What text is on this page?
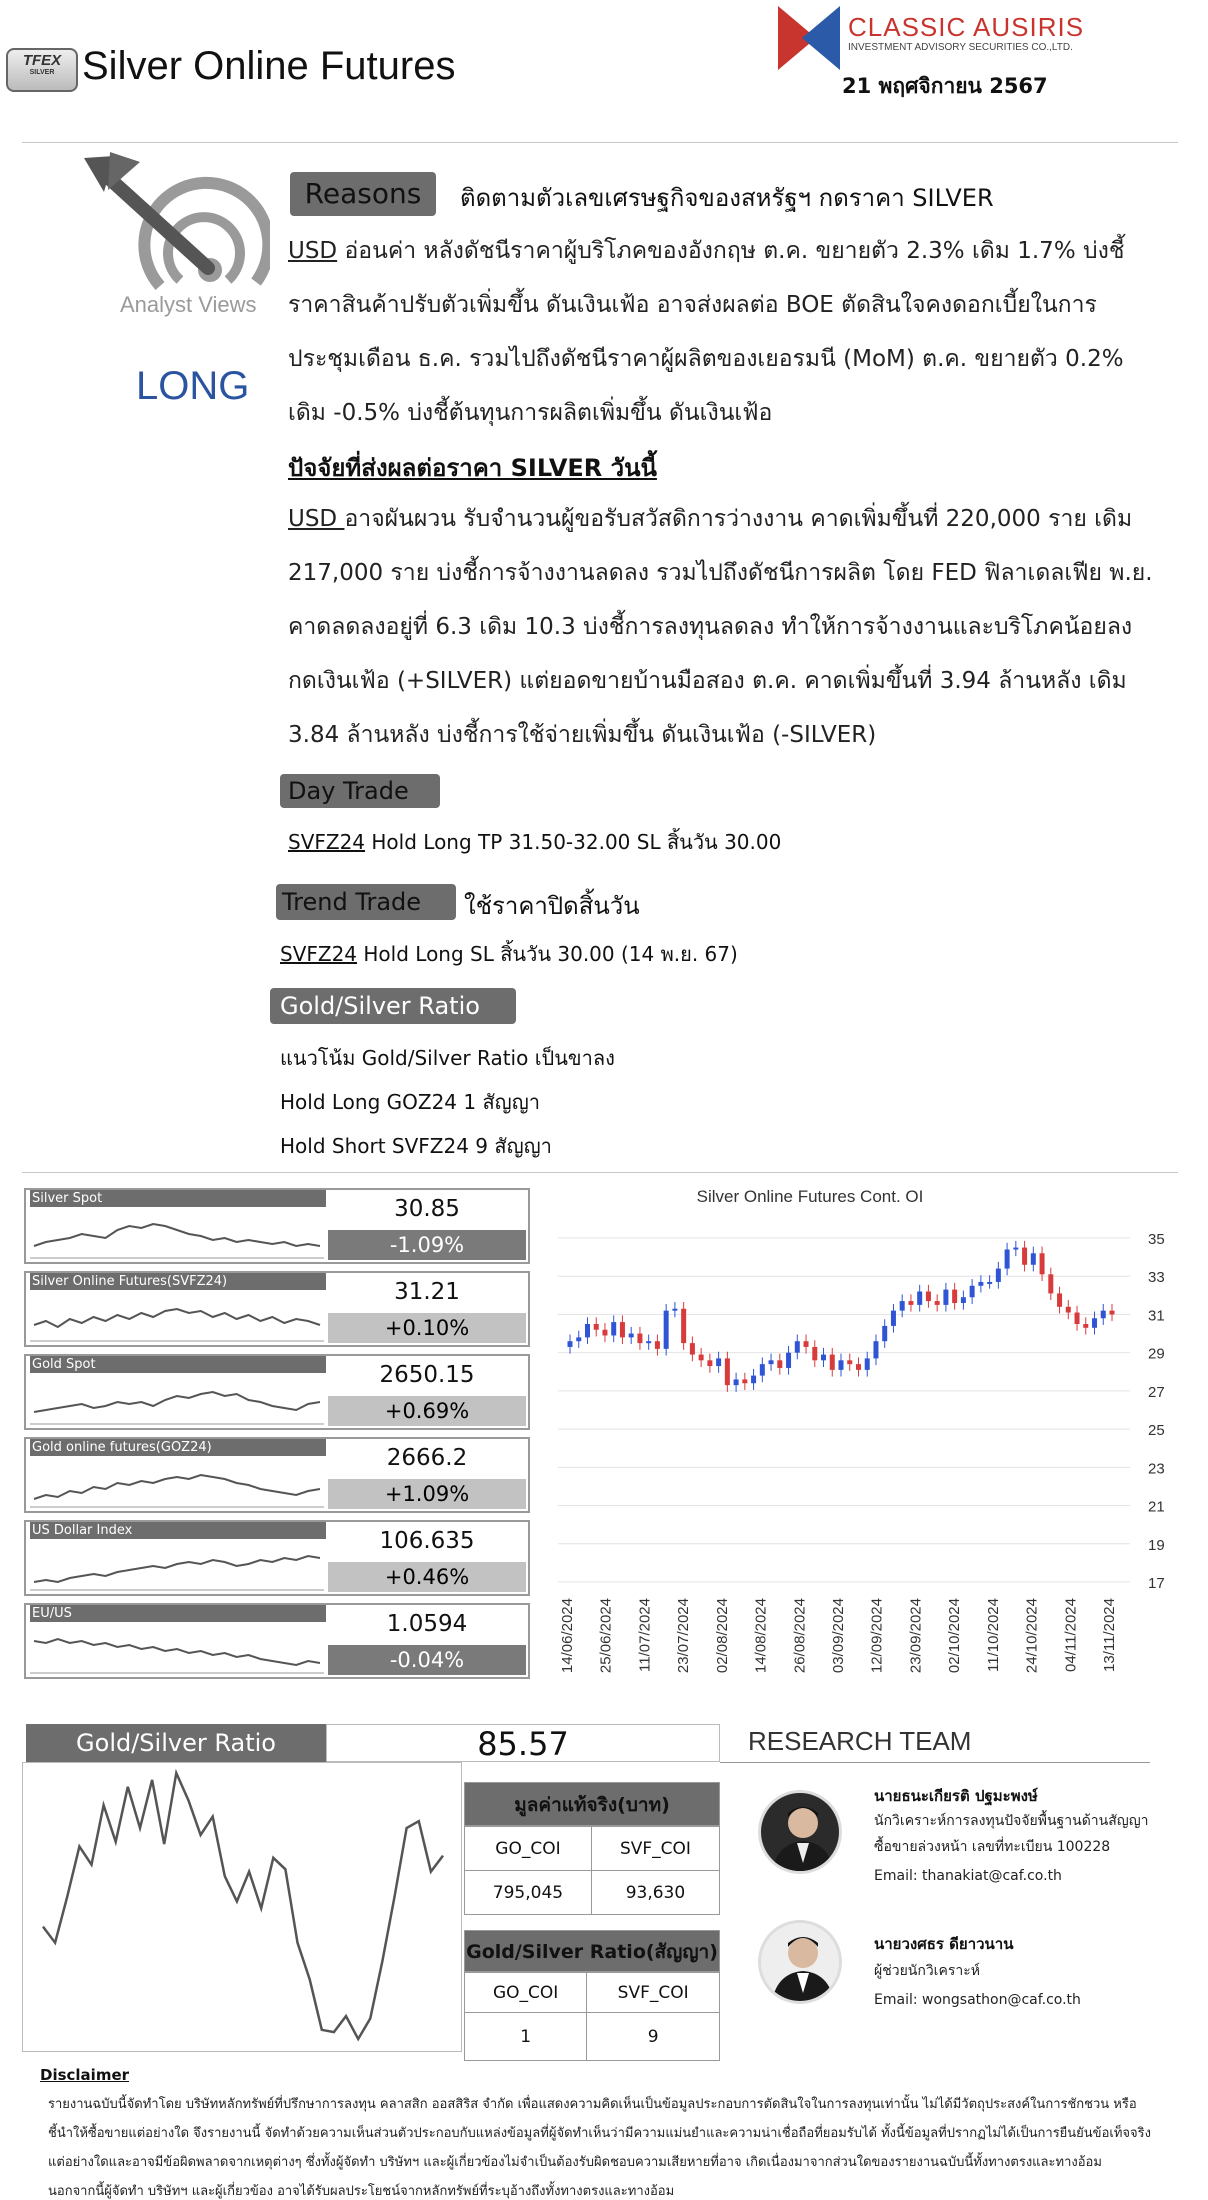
TFEX
SILVER Silver Online Futures
CLASSIC AUSIRIS
INVESTMENT ADVISORY SECURITIES CO.,LTD.
21 พฤศจิกายน 2567
Analyst Views
LONG
Reasons	ติดตามตัวเลขเศรษฐกิจของสหรัฐฯ กดราคา SILVER
USD อ่อนค่า หลังดัชนีราคาผู้บริโภคของอังกฤษ ต.ค. ขยายตัว 2.3% เดิม 1.7% บ่งชี้
ราคาสินค้าปรับตัวเพิ่มขึ้น ดันเงินเฟ้อ อาจส่งผลต่อ BOE ตัดสินใจคงดอกเบี้ยในการ
ประชุมเดือน ธ.ค. รวมไปถึงดัชนีราคาผู้ผลิตของเยอรมนี (MoM) ต.ค. ขยายตัว 0.2%
เดิม -0.5% บ่งชี้ต้นทุนการผลิตเพิ่มขึ้น ดันเงินเฟ้อ
ปัจจัยที่ส่งผลต่อราคา SILVER วันนี้
USD อาจผันผวน รับจำนวนผู้ขอรับสวัสดิการว่างงาน คาดเพิ่มขึ้นที่ 220,000 ราย เดิม
217,000 ราย บ่งชี้การจ้างงานลดลง รวมไปถึงดัชนีการผลิต โดย FED ฟิลาเดลเฟีย พ.ย.
คาดลดลงอยู่ที่ 6.3 เดิม 10.3 บ่งชี้การลงทุนลดลง ทำให้การจ้างงานและบริโภคน้อยลง
กดเงินเฟ้อ (+SILVER) แต่ยอดขายบ้านมือสอง ต.ค. คาดเพิ่มขึ้นที่ 3.94 ล้านหลัง เดิม
3.84 ล้านหลัง บ่งชี้การใช้จ่ายเพิ่มขึ้น ดันเงินเฟ้อ (-SILVER)
Day Trade
SVFZ24 Hold Long TP 31.50-32.00 SL สิ้นวัน 30.00
Trend Trade	ใช้ราคาปิดสิ้นวัน
SVFZ24 Hold Long SL สิ้นวัน 30.00 (14 พ.ย. 67)
Gold/Silver Ratio
แนวโน้ม Gold/Silver Ratio เป็นขาลง
Hold Long GOZ24 1 สัญญา
Hold Short SVFZ24 9 สัญญา
Silver Spot	30.85
-1.09%
Silver Online Futures(SVFZ24)	31.21
+0.10%
Gold Spot	2650.15
+0.69%
Gold online futures(GOZ24)	2666.2
+1.09%
US Dollar Index	106.635
+0.46%
EU/US	1.0594
-0.04%
Silver Online Futures Cont. OI
35
33
31
29
27
25
23
21
19
17
14/06/2024 25/06/2024 11/07/2024 23/07/2024 02/08/2024 14/08/2024 26/08/2024 03/09/2024 12/09/2024 23/09/2024 02/10/2024 11/10/2024 24/10/2024 04/11/2024 13/11/2024
Gold/Silver Ratio	85.57	RESEARCH TEAM
มูลค่าแท้จริง(บาท)
GO_COI	SVF_COI
795,045	93,630
Gold/Silver Ratio(สัญญา)
GO_COI	SVF_COI
1	9
นายธนะเกียรติ ปฐมะพงษ์
นักวิเคราะห์การลงทุนปัจจัยพื้นฐานด้านสัญญา
ซื้อขายล่วงหน้า เลขที่ทะเบียน 100228
Email: thanakiat@caf.co.th
นายวงศธร ดียาวนาน
ผู้ช่วยนักวิเคราะห์
Email: wongsathon@caf.co.th
Disclaimer
รายงานฉบับนี้จัดทำโดย บริษัทหลักทรัพย์ที่ปรึกษาการลงทุน คลาสสิก ออสสิริส จำกัด เพื่อแสดงความคิดเห็นเป็นข้อมูลประกอบการตัดสินใจในการลงทุนเท่านั้น ไม่ได้มีวัตถุประสงค์ในการชักชวน หรือ
ชี้นำให้ซื้อขายแต่อย่างใด จึงรายงานนี้ จัดทำด้วยความเห็นส่วนตัวประกอบกับแหล่งข้อมูลที่ผู้จัดทำเห็นว่ามีความแม่นยำและความน่าเชื่อถือที่ยอมรับได้ ทั้งนี้ข้อมูลที่ปรากฏไม่ได้เป็นการยืนยันข้อเท็จจริง
แต่อย่างใดและอาจมีข้อผิดพลาดจากเหตุต่างๆ ซึ่งทั้งผู้จัดทำ บริษัทฯ และผู้เกี่ยวข้องไม่จำเป็นต้องรับผิดชอบความเสียหายที่อาจ เกิดเนื่องมาจากส่วนใดของรายงานฉบับนี้ทั้งทางตรงและทางอ้อม
นอกจากนี้ผู้จัดทำ บริษัทฯ และผู้เกี่ยวข้อง อาจได้รับผลประโยชน์จากหลักทรัพย์ที่ระบุอ้างถึงทั้งทางตรงและทางอ้อม
